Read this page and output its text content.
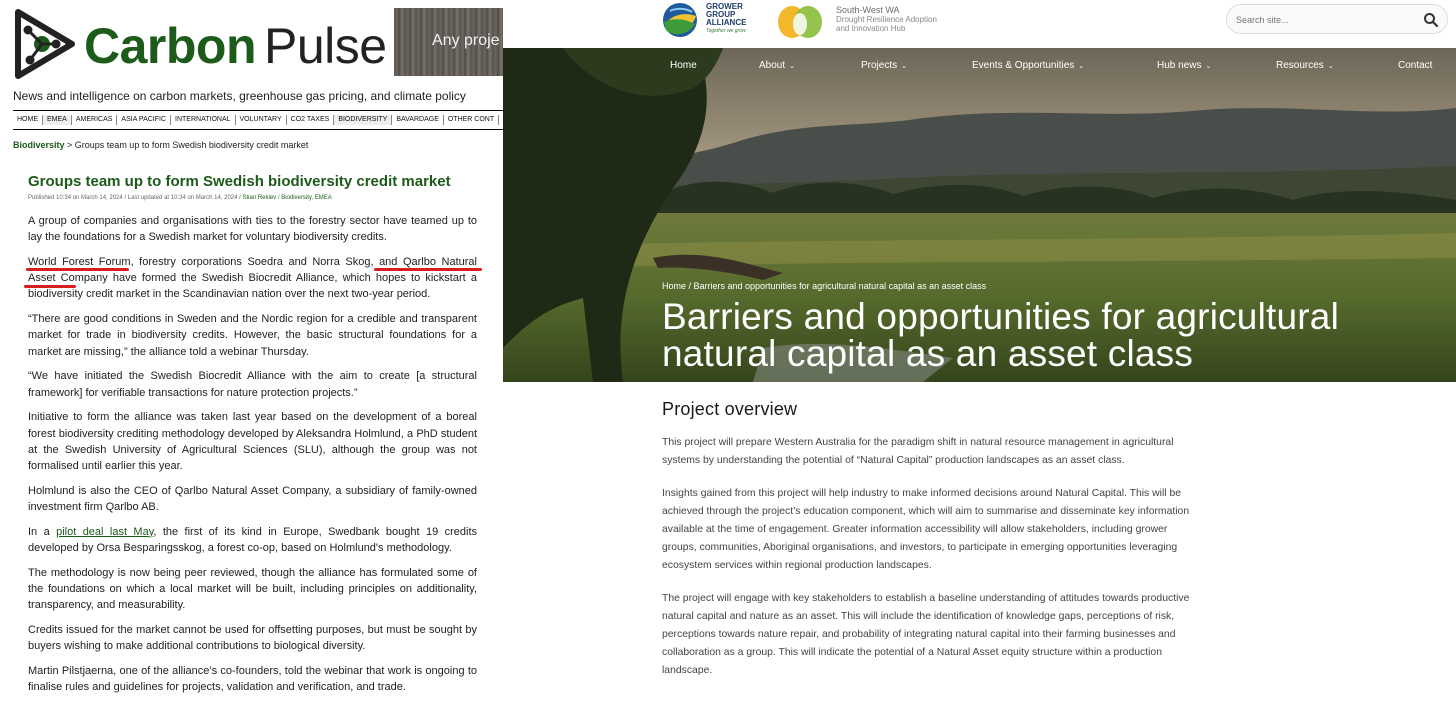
Carbon Pulse	Any proje
News and intelligence on carbon markets, greenhouse gas pricing, and climate policy
HOME	EMEA	AMERICAS	ASIA PACIFIC	INTERNATIONAL	VOLUNTARY	CO2 TAXES	BIODIVERSITY	BAVARDAGE	OTHER CONT
Biodiversity > Groups team up to form Swedish biodiversity credit market
Groups team up to form Swedish biodiversity credit market
Published 10:34 on March 14, 2024 / Last updated at 10:34 on March 14, 2024 / Stian Reklev / Biodiversity, EMEA

A group of companies and organisations with ties to the forestry sector have teamed up to lay the foundations for a Swedish market for voluntary biodiversity credits.

World Forest Forum, forestry corporations Soedra and Norra Skog, and Qarlbo Natural Asset Company have formed the Swedish Biocredit Alliance, which hopes to kickstart a biodiversity credit market in the Scandinavian nation over the next two-year period.

“There are good conditions in Sweden and the Nordic region for a credible and transparent market for trade in biodiversity credits. However, the basic structural foundations for a market are missing,” the alliance told a webinar Thursday.

“We have initiated the Swedish Biocredit Alliance with the aim to create [a structural framework] for verifiable transactions for nature protection projects.”

Initiative to form the alliance was taken last year based on the development of a boreal forest biodiversity crediting methodology developed by Aleksandra Holmlund, a PhD student at the Swedish University of Agricultural Sciences (SLU), although the group was not formalised until earlier this year.

Holmlund is also the CEO of Qarlbo Natural Asset Company, a subsidiary of family-owned investment firm Qarlbo AB.

In a pilot deal last May, the first of its kind in Europe, Swedbank bought 19 credits developed by Orsa Besparingsskog, a forest co-op, based on Holmlund's methodology.

The methodology is now being peer reviewed, though the alliance has formulated some of the foundations on which a local market will be built, including principles on additionality, transparency, and measurability.

Credits issued for the market cannot be used for offsetting purposes, but must be sought by buyers wishing to make additional contributions to biological diversity.

Martin Pilstjaerna, one of the alliance’s co-founders, told the webinar that work is ongoing to finalise rules and guidelines for projects, validation and verification, and trade.

GROWER
GROUP
ALLIANCE
Together we grow
South-West WA
Drought Resilience Adoption
and Innovation Hub
Search site...
Home	About ⌄	Projects ⌄	Events & Opportunities ⌄	Hub news ⌄	Resources ⌄	Contact
Home / Barriers and opportunities for agricultural natural capital as an asset class
Barriers and opportunities for agricultural natural capital as an asset class
Project overview

This project will prepare Western Australia for the paradigm shift in natural resource management in agricultural systems by understanding the potential of “Natural Capital” production landscapes as an asset class.

Insights gained from this project will help industry to make informed decisions around Natural Capital. This will be achieved through the project’s education component, which will aim to summarise and disseminate key information available at the time of engagement. Greater information accessibility will allow stakeholders, including grower groups, communities, Aboriginal organisations, and investors, to participate in emerging opportunities leveraging ecosystem services within regional production landscapes.

The project will engage with key stakeholders to establish a baseline understanding of attitudes towards productive natural capital and nature as an asset. This will include the identification of knowledge gaps, perceptions of risk, perceptions towards nature repair, and probability of integrating natural capital into their farming businesses and collaboration as a group. This will indicate the potential of a Natural Asset equity structure within a production landscape.
